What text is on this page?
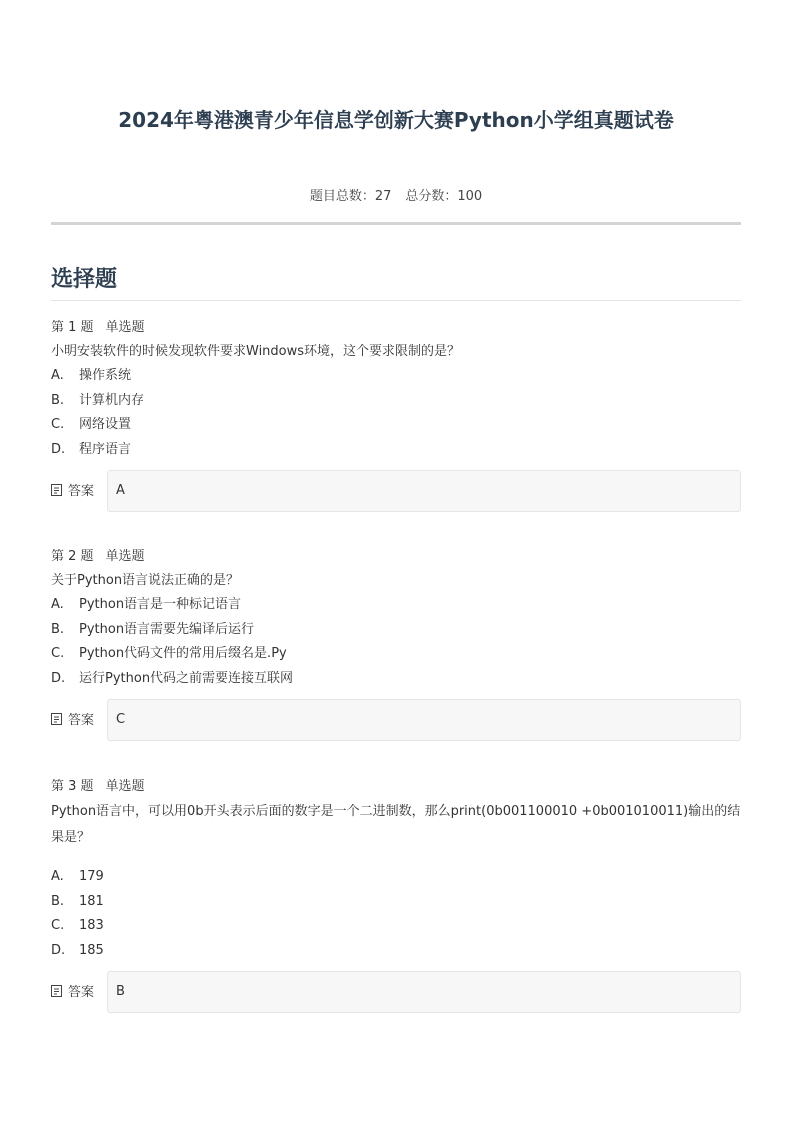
2024年粤港澳青少年信息学创新大赛Python小学组真题试卷
题目总数：27 总分数：100
选择题
第 1 题 单选题
小明安装软件的时候发现软件要求Windows环境，这个要求限制的是？
A. 操作系统
B. 计算机内存
C. 网络设置
D. 程序语言
答案 A
第 2 题 单选题
关于Python语言说法正确的是？
A. Python语言是一种标记语言
B. Python语言需要先编译后运行
C. Python代码文件的常用后缀名是.Py
D. 运行Python代码之前需要连接互联网
答案 C
第 3 题 单选题
Python语言中，可以用0b开头表示后面的数字是一个二进制数，那么print(0b001100010 +0b001010011)输出的结果是？
A. 179
B. 181
C. 183
D. 185
答案 B
